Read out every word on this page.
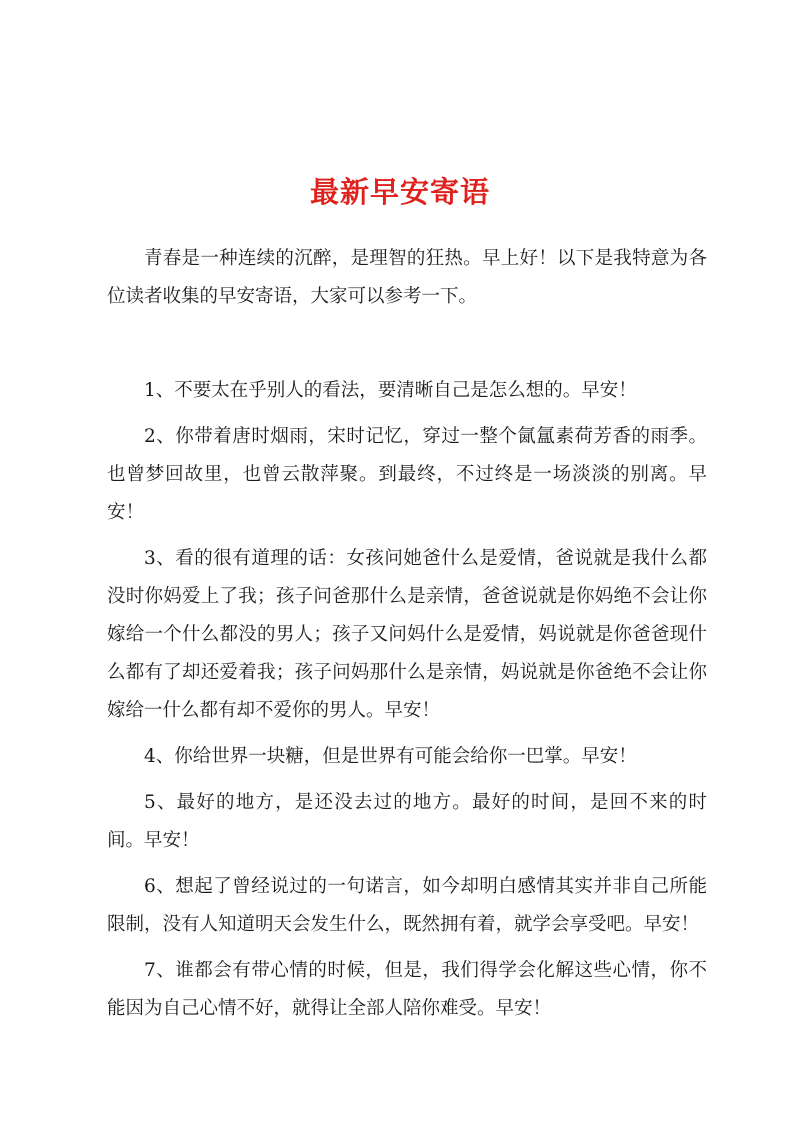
最新早安寄语

青春是一种连续的沉醉，是理智的狂热。早上好！以下是我特意为各位读者收集的早安寄语，大家可以参考一下。

1、不要太在乎别人的看法，要清晰自己是怎么想的。早安！

2、你带着唐时烟雨，宋时记忆，穿过一整个氤氲素荷芳香的雨季。也曾梦回故里，也曾云散萍聚。到最终，不过终是一场淡淡的别离。早安！

3、看的很有道理的话：女孩问她爸什么是爱情，爸说就是我什么都没时你妈爱上了我；孩子问爸那什么是亲情，爸爸说就是你妈绝不会让你嫁给一个什么都没的男人；孩子又问妈什么是爱情，妈说就是你爸爸现什么都有了却还爱着我；孩子问妈那什么是亲情，妈说就是你爸绝不会让你嫁给一什么都有却不爱你的男人。早安！

4、你给世界一块糖，但是世界有可能会给你一巴掌。早安！

5、最好的地方，是还没去过的地方。最好的时间，是回不来的时间。早安！

6、想起了曾经说过的一句诺言，如今却明白感情其实并非自己所能限制，没有人知道明天会发生什么，既然拥有着，就学会享受吧。早安！

7、谁都会有带心情的时候，但是，我们得学会化解这些心情，你不能因为自己心情不好，就得让全部人陪你难受。早安！
